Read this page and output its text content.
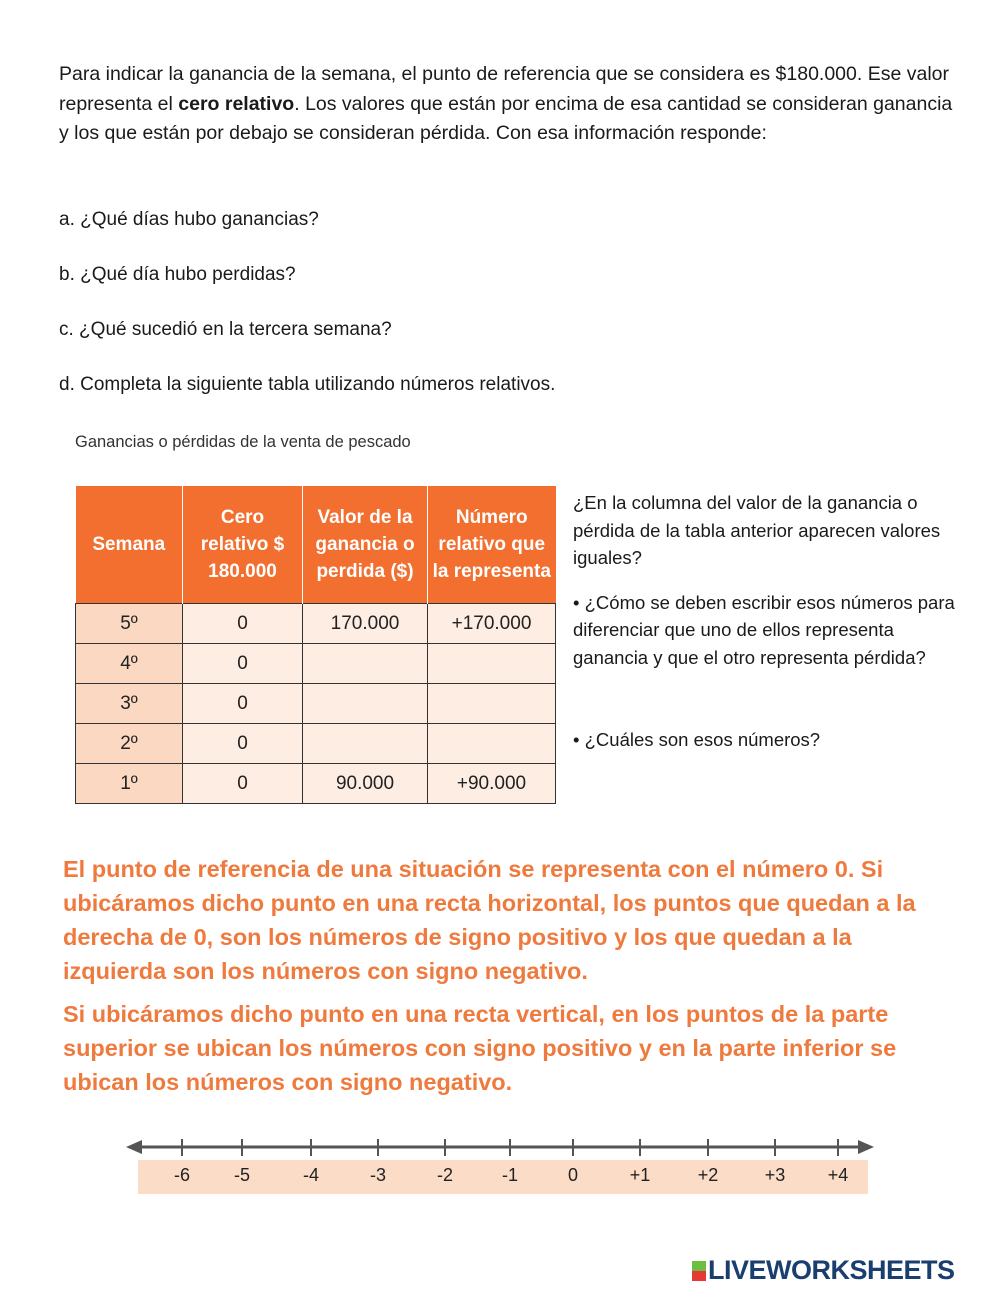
Para indicar la ganancia de la semana, el punto de referencia que se considera es $180.000. Ese valor representa el cero relativo. Los valores que están por encima de esa cantidad se consideran ganancia y los que están por debajo se consideran pérdida. Con esa información responde:

a. ¿Qué días hubo ganancias?
b. ¿Qué día hubo perdidas?
c. ¿Qué sucedió en la tercera semana?
d. Completa la siguiente tabla utilizando números relativos.
Ganancias o pérdidas de la venta de pescado
Semana	Cero relativo $ 180.000	Valor de la ganancia o perdida ($)	Número relativo que la representa
5º	0	170.000	+170.000
4º	0		
3º	0		
2º	0		
1º	0	90.000	+90.000

¿En la columna del valor de la ganancia o pérdida de la tabla anterior aparecen valores iguales?

• ¿Cómo se deben escribir esos números para diferenciar que uno de ellos representa ganancia y que el otro representa pérdida?

• ¿Cuáles son esos números?

El punto de referencia de una situación se representa con el número 0. Si ubicáramos dicho punto en una recta horizontal, los puntos que quedan a la derecha de 0, son los números de signo positivo y los que quedan a la izquierda son los números con signo negativo.

Si ubicáramos dicho punto en una recta vertical, en los puntos de la parte superior se ubican los números con signo positivo y en la parte inferior se ubican los números con signo negativo.

-6 -5	-4	-3	-2	-1	0	+1	+2	+3 +4
LIVEWORKSHEETS
